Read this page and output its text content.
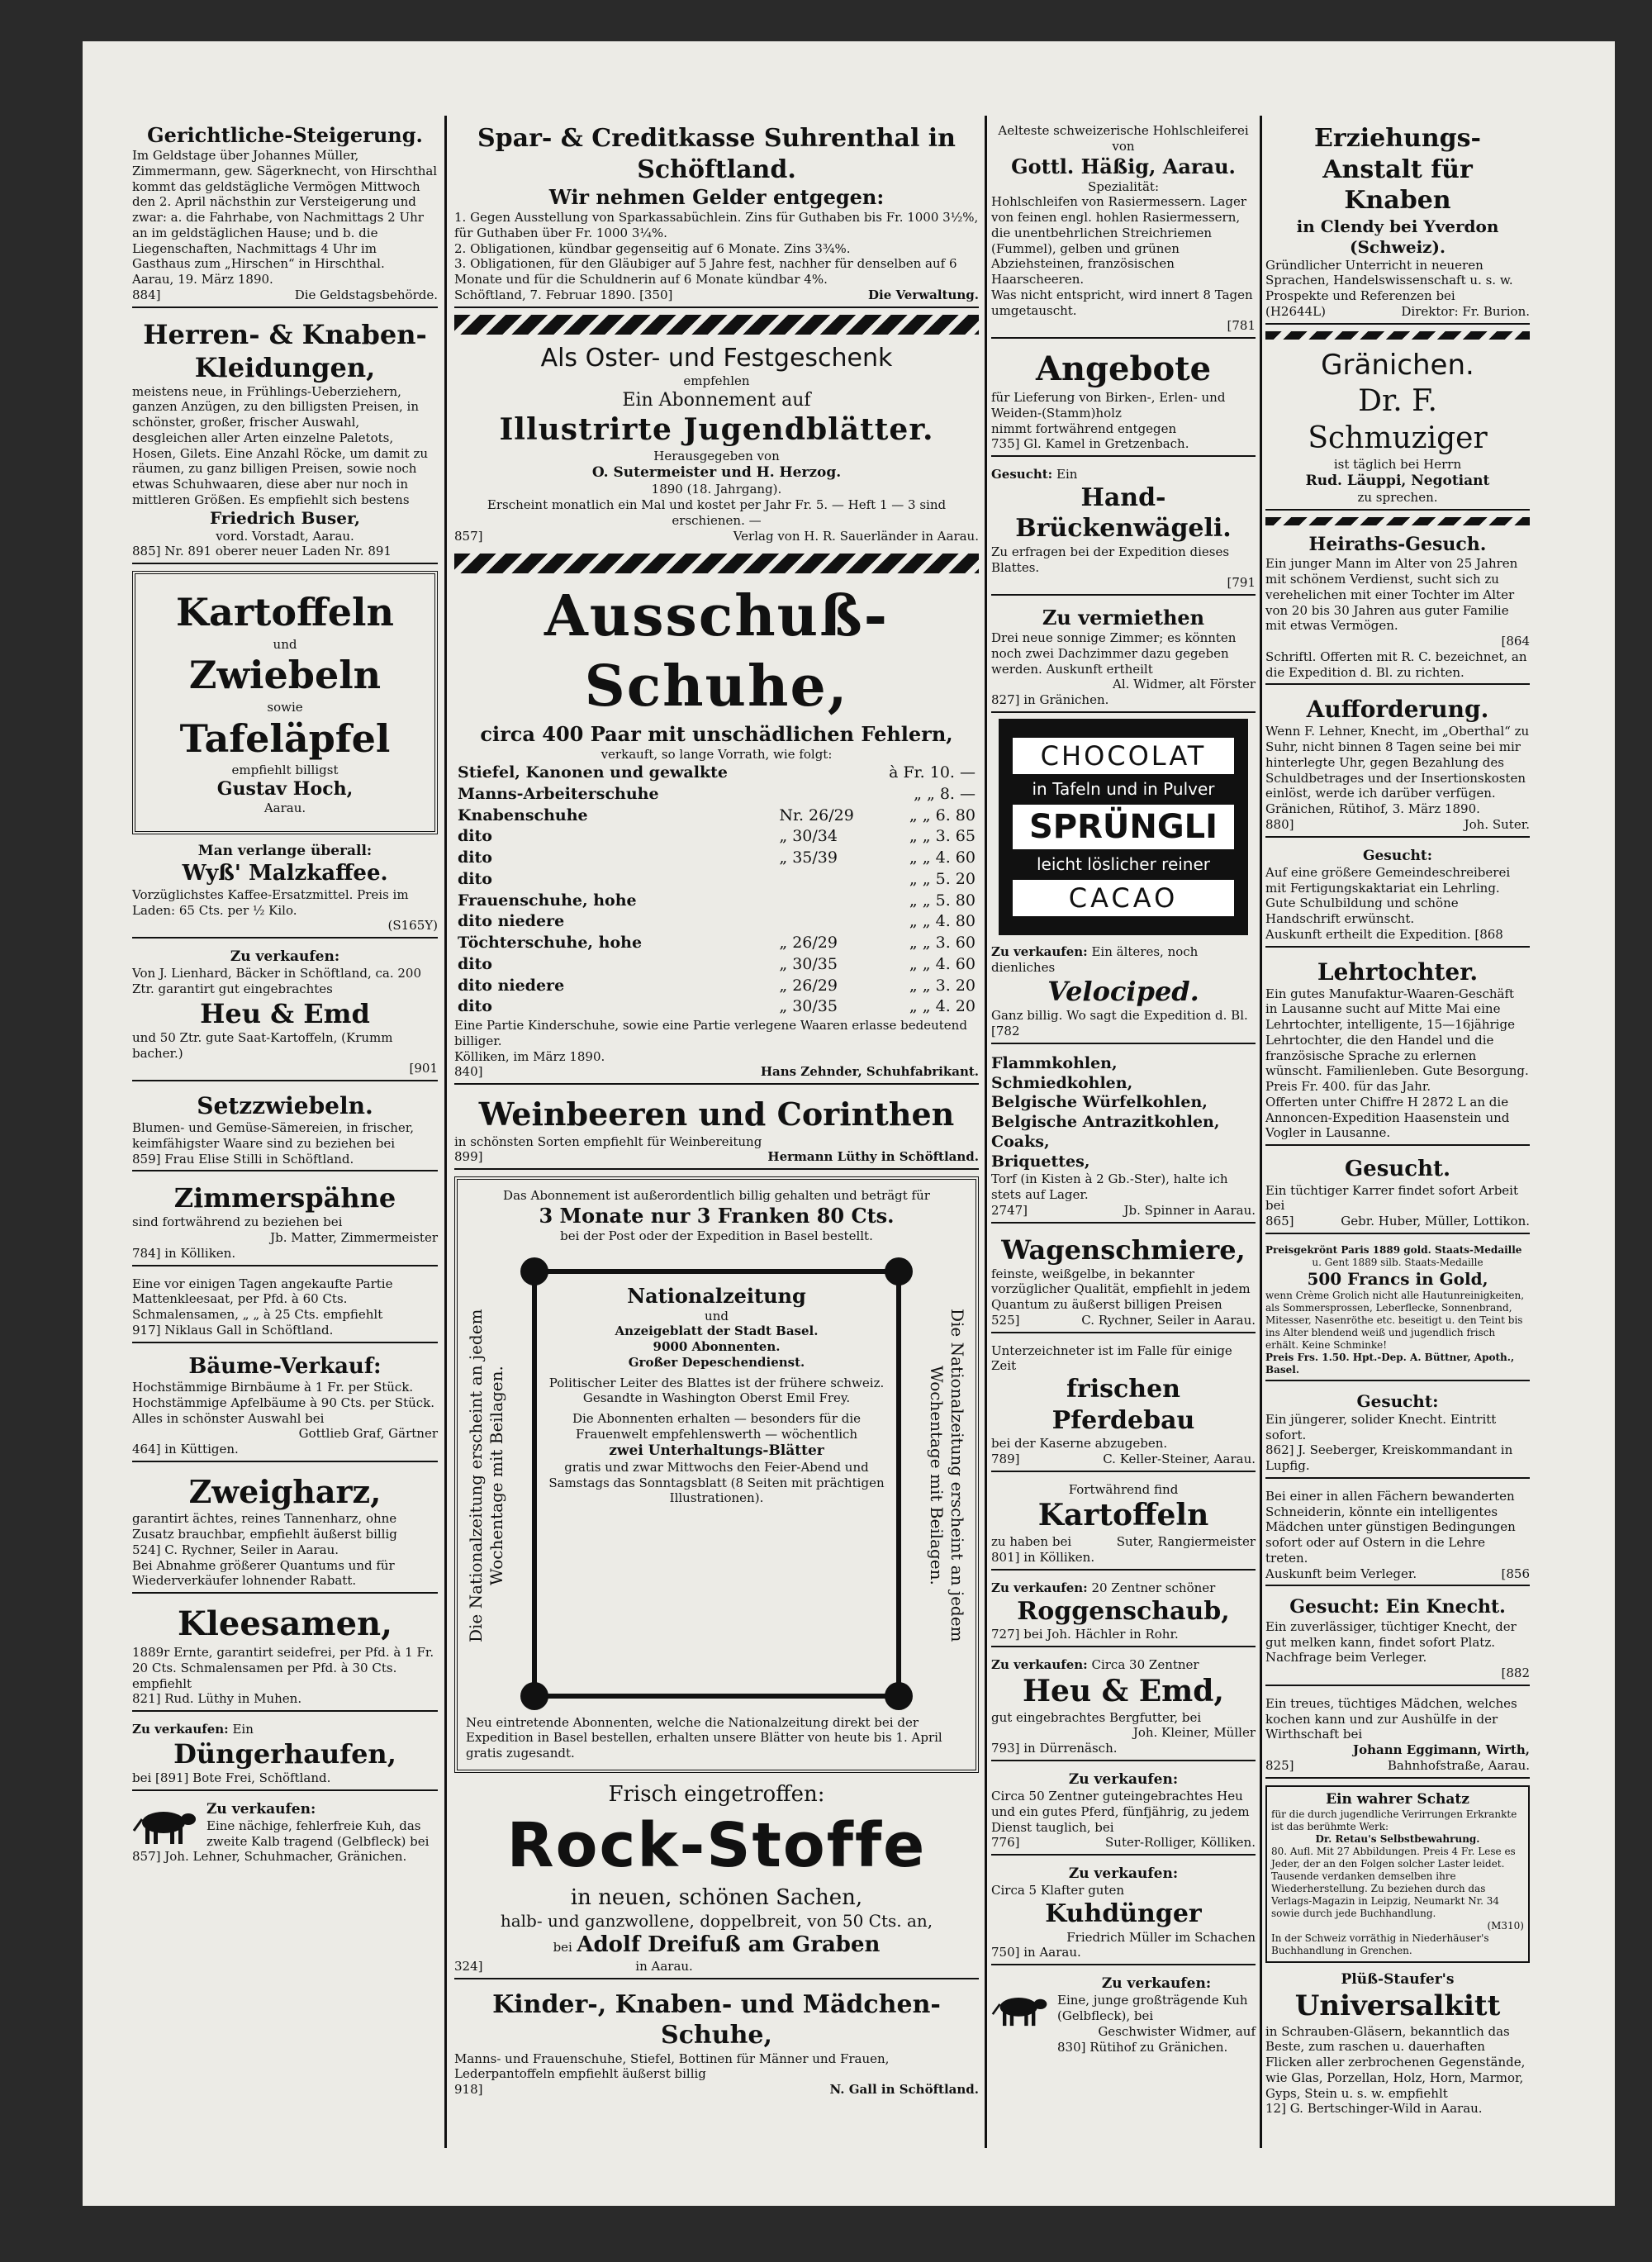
Gerichtliche-Steigerung.
Im Geldstage über Johannes Müller, Zimmermann, gew. Sägerknecht, von Hirschthal kommt das geldstägliche Vermögen Mittwoch den 2. April nächsthin zur Versteigerung und zwar: a. die Fahrhabe, von Nachmittags 2 Uhr an im geldstäglichen Hause; und b. die Liegenschaften, Nachmittags 4 Uhr im Gasthaus zum „Hirschen“ in Hirschthal.
Aarau, 19. März 1890.
884]	Die Geldstagsbehörde.
Herren- & Knaben-Kleidungen,
meistens neue, in Frühlings-Ueberziehern, ganzen Anzügen, zu den billigsten Preisen, in schönster, großer, frischer Auswahl, desgleichen aller Arten einzelne Paletots, Hosen, Gilets. Eine Anzahl Röcke, um damit zu räumen, zu ganz billigen Preisen, sowie noch etwas Schuhwaaren, diese aber nur noch in mittleren Größen. Es empfiehlt sich bestens
Friedrich Buser,
vord. Vorstadt, Aarau.
885] Nr. 891 oberer neuer Laden Nr. 891
Kartoffeln
und
Zwiebeln
sowie
Tafeläpfel
empfiehlt billigst
Gustav Hoch,
Aarau.
Man verlange überall:
Wyß' Malzkaffee.
Vorzüglichstes Kaffee-Ersatzmittel. Preis im Laden: 65 Cts. per ½ Kilo.
(S165Y)
Zu verkaufen:
Von J. Lienhard, Bäcker in Schöftland, ca. 200 Ztr. garantirt gut eingebrachtes
Heu & Emd
und 50 Ztr. gute Saat-Kartoffeln, (Krumm bacher.)
[901
Setzzwiebeln.
Blumen- und Gemüse-Sämereien, in frischer, keimfähigster Waare sind zu beziehen bei
859] Frau Elise Stilli in Schöftland.
Zimmerspähne
sind fortwährend zu beziehen bei
Jb. Matter, Zimmermeister
784] in Kölliken.
Eine vor einigen Tagen angekaufte Partie Mattenkleesaat, per Pfd. à 60 Cts. Schmalensamen, „ „ à 25 Cts. empfiehlt
917] Niklaus Gall in Schöftland.
Bäume-Verkauf:
Hochstämmige Birnbäume à 1 Fr. per Stück. Hochstämmige Apfelbäume à 90 Cts. per Stück. Alles in schönster Auswahl bei
Gottlieb Graf, Gärtner
464] in Küttigen.
Zweigharz,
garantirt ächtes, reines Tannenharz, ohne Zusatz brauchbar, empfiehlt äußerst billig
524] C. Rychner, Seiler in Aarau.
Bei Abnahme größerer Quantums und für Wiederverkäufer lohnender Rabatt.
Kleesamen,
1889r Ernte, garantirt seidefrei, per Pfd. à 1 Fr. 20 Cts. Schmalensamen per Pfd. à 30 Cts. empfiehlt
821] Rud. Lüthy in Muhen.
Zu verkaufen: Ein
Düngerhaufen,
bei [891] Bote Frei, Schöftland.
Zu verkaufen:
Eine nächige, fehlerfreie Kuh, das zweite Kalb tragend (Gelbfleck) bei
857] Joh. Lehner, Schuhmacher, Gränichen.
Spar- & Creditkasse Suhrenthal in Schöftland.
Wir nehmen Gelder entgegen:
1. Gegen Ausstellung von Sparkassabüchlein. Zins für Guthaben bis Fr. 1000 3½%, für Guthaben über Fr. 1000 3¼%.
2. Obligationen, kündbar gegenseitig auf 6 Monate. Zins 3¾%.
3. Obligationen, für den Gläubiger auf 5 Jahre fest, nachher für denselben auf 6 Monate und für die Schuldnerin auf 6 Monate kündbar 4%.
Schöftland, 7. Februar 1890. [350]	Die Verwaltung.
Als Oster- und Festgeschenk
empfehlen
Ein Abonnement auf
Illustrirte Jugendblätter.
Herausgegeben von
O. Sutermeister und H. Herzog.
1890 (18. Jahrgang).
Erscheint monatlich ein Mal und kostet per Jahr Fr. 5. — Heft 1 — 3 sind erschienen. —
857]	Verlag von H. R. Sauerländer in Aarau.
Ausschuß-Schuhe,
circa 400 Paar mit unschädlichen Fehlern,
verkauft, so lange Vorrath, wie folgt:
Stiefel, Kanonen und gewalkte		à Fr. 10. —
Manns-Arbeiterschuhe		„ „ 8. —
Knabenschuhe	Nr. 26/29	„ „ 6. 80
dito	„ 30/34	„ „ 3. 65
dito	„ 35/39	„ „ 4. 60
dito		„ „ 5. 20
Frauenschuhe, hohe		„ „ 5. 80
dito niedere		„ „ 4. 80
Töchterschuhe, hohe	„ 26/29	„ „ 3. 60
dito	„ 30/35	„ „ 4. 60
dito niedere	„ 26/29	„ „ 3. 20
dito	„ 30/35	„ „ 4. 20
Eine Partie Kinderschuhe, sowie eine Partie verlegene Waaren erlasse bedeutend billiger.
Kölliken, im März 1890.
840]	Hans Zehnder, Schuhfabrikant.
Weinbeeren und Corinthen
in schönsten Sorten empfiehlt für Weinbereitung
899]	Hermann Lüthy in Schöftland.
Das Abonnement ist außerordentlich billig gehalten und beträgt für
3 Monate nur 3 Franken 80 Cts.
bei der Post oder der Expedition in Basel bestellt.
Die Nationalzeitung erscheint an jedem Wochentage mit Beilagen.	Die Nationalzeitung erscheint an jedem Wochentage mit Beilagen.
Nationalzeitung
und
Anzeigeblatt der Stadt Basel.
9000 Abonnenten.
Großer Depeschendienst.
Politischer Leiter des Blattes ist der frühere schweiz. Gesandte in Washington Oberst Emil Frey.
Die Abonnenten erhalten — besonders für die Frauenwelt empfehlenswerth — wöchentlich
zwei Unterhaltungs-Blätter
gratis und zwar Mittwochs den Feier-Abend und Samstags das Sonntagsblatt (8 Seiten mit prächtigen Illustrationen).
Neu eintretende Abonnenten, welche die Nationalzeitung direkt bei der Expedition in Basel bestellen, erhalten unsere Blätter von heute bis 1. April gratis zugesandt.
Frisch eingetroffen:
Rock-Stoffe
in neuen, schönen Sachen,
halb- und ganzwollene, doppelbreit, von 50 Cts. an,
bei Adolf Dreifuß am Graben
324]	in Aarau.
Kinder-, Knaben- und Mädchen-Schuhe,
Manns- und Frauenschuhe, Stiefel, Bottinen für Männer und Frauen, Lederpantoffeln empfiehlt äußerst billig
918]	N. Gall in Schöftland.
Aelteste schweizerische Hohlschleiferei
von
Gottl. Häßig, Aarau.
Spezialität:
Hohlschleifen von Rasiermessern. Lager von feinen engl. hohlen Rasiermessern, die unentbehrlichen Streichriemen (Fummel), gelben und grünen Abziehsteinen, französischen Haarscheeren.
Was nicht entspricht, wird innert 8 Tagen umgetauscht.
[781
Angebote
für Lieferung von Birken-, Erlen- und Weiden-(Stamm)holz
nimmt fortwährend entgegen
735] Gl. Kamel in Gretzenbach.
Gesucht: Ein
Hand-Brückenwägeli.
Zu erfragen bei der Expedition dieses Blattes.
[791
Zu vermiethen
Drei neue sonnige Zimmer; es könnten noch zwei Dachzimmer dazu gegeben werden. Auskunft ertheilt
Al. Widmer, alt Förster
827] in Gränichen.
CHOCOLAT
in Tafeln und in Pulver
SPRÜNGLI
leicht löslicher reiner
CACAO
Zu verkaufen: Ein älteres, noch dienliches
Velociped.
Ganz billig. Wo sagt die Expedition d. Bl. [782
Flammkohlen,
Schmiedkohlen,
Belgische Würfelkohlen,
Belgische Antrazitkohlen,
Coaks,
Briquettes,
Torf (in Kisten à 2 Gb.-Ster), halte ich stets auf Lager.
2747]	Jb. Spinner in Aarau.
Wagenschmiere,
feinste, weißgelbe, in bekannter vorzüglicher Qualität, empfiehlt in jedem Quantum zu äußerst billigen Preisen
525]	C. Rychner, Seiler in Aarau.
Unterzeichneter ist im Falle für einige Zeit
frischen Pferdebau
bei der Kaserne abzugeben.
789]	C. Keller-Steiner, Aarau.
Fortwährend find
Kartoffeln
zu haben bei	Suter, Rangiermeister
801] in Kölliken.
Zu verkaufen: 20 Zentner schöner
Roggenschaub,
727] bei Joh. Hächler in Rohr.
Zu verkaufen: Circa 30 Zentner
Heu & Emd,
gut eingebrachtes Bergfutter, bei
Joh. Kleiner, Müller
793] in Dürrenäsch.
Zu verkaufen:
Circa 50 Zentner guteingebrachtes Heu und ein gutes Pferd, fünfjährig, zu jedem Dienst tauglich, bei
776]	Suter-Rolliger, Kölliken.
Zu verkaufen:
Circa 5 Klafter guten
Kuhdünger
Friedrich Müller im Schachen
750] in Aarau.
Zu verkaufen:
Eine, junge großträgende Kuh (Gelbfleck), bei
Geschwister Widmer, auf
830] Rütihof zu Gränichen.
Erziehungs-Anstalt für Knaben
in Clendy bei Yverdon (Schweiz).
Gründlicher Unterricht in neueren Sprachen, Handelswissenschaft u. s. w. Prospekte und Referenzen bei
(H2644L)	Direktor: Fr. Burion.
Gränichen.
Dr. F. Schmuziger
ist täglich bei Herrn
Rud. Läuppi, Negotiant
zu sprechen.
Heiraths-Gesuch.
Ein junger Mann im Alter von 25 Jahren mit schönem Verdienst, sucht sich zu verehelichen mit einer Tochter im Alter von 20 bis 30 Jahren aus guter Familie mit etwas Vermögen.
[864
Schriftl. Offerten mit R. C. bezeichnet, an die Expedition d. Bl. zu richten.
Aufforderung.
Wenn F. Lehner, Knecht, im „Oberthal“ zu Suhr, nicht binnen 8 Tagen seine bei mir hinterlegte Uhr, gegen Bezahlung des Schuldbetrages und der Insertionskosten einlöst, werde ich darüber verfügen.
Gränichen, Rütihof, 3. März 1890.
880]	Joh. Suter.
Gesucht:
Auf eine größere Gemeindeschreiberei mit Fertigungskaktariat ein Lehrling. Gute Schulbildung und schöne Handschrift erwünscht.
Auskunft ertheilt die Expedition. [868
Lehrtochter.
Ein gutes Manufaktur-Waaren-Geschäft in Lausanne sucht auf Mitte Mai eine Lehrtochter, intelligente, 15—16jährige Lehrtochter, die den Handel und die französische Sprache zu erlernen wünscht. Familienleben. Gute Besorgung. Preis Fr. 400. für das Jahr.
Offerten unter Chiffre H 2872 L an die Annoncen-Expedition Haasenstein und Vogler in Lausanne.
Gesucht.
Ein tüchtiger Karrer findet sofort Arbeit bei
865]	Gebr. Huber, Müller, Lottikon.
Preisgekrönt Paris 1889 gold. Staats-Medaille
u. Gent 1889 silb. Staats-Medaille
500 Francs in Gold,
wenn Crème Grolich nicht alle Hautunreinigkeiten, als Sommersprossen, Leberflecke, Sonnenbrand, Mitesser, Nasenröthe etc. beseitigt u. den Teint bis ins Alter blendend weiß und jugendlich frisch erhält. Keine Schminke!
Preis Frs. 1.50. Hpt.-Dep. A. Büttner, Apoth., Basel.
Gesucht:
Ein jüngerer, solider Knecht. Eintritt sofort.
862] J. Seeberger, Kreiskommandant in Lupfig.
Bei einer in allen Fächern bewanderten Schneiderin, könnte ein intelligentes Mädchen unter günstigen Bedingungen sofort oder auf Ostern in die Lehre treten.
Auskunft beim Verleger.	[856
Gesucht: Ein Knecht.
Ein zuverlässiger, tüchtiger Knecht, der gut melken kann, findet sofort Platz. Nachfrage beim Verleger.
[882
Ein treues, tüchtiges Mädchen, welches kochen kann und zur Aushülfe in der Wirthschaft bei
Johann Eggimann, Wirth,
825]	Bahnhofstraße, Aarau.
Ein wahrer Schatz
für die durch jugendliche Verirrungen Erkrankte ist das berühmte Werk:
Dr. Retau's Selbstbewahrung.
80. Aufl. Mit 27 Abbildungen. Preis 4 Fr. Lese es Jeder, der an den Folgen solcher Laster leidet. Tausende verdanken demselben ihre Wiederherstellung. Zu beziehen durch das Verlags-Magazin in Leipzig, Neumarkt Nr. 34 sowie durch jede Buchhandlung.
(M310)
In der Schweiz vorräthig in Niederhäuser's Buchhandlung in Grenchen.
Plüß-Staufer's
Universalkitt
in Schrauben-Gläsern, bekanntlich das Beste, zum raschen u. dauerhaften Flicken aller zerbrochenen Gegenstände, wie Glas, Porzellan, Holz, Horn, Marmor, Gyps, Stein u. s. w. empfiehlt
12] G. Bertschinger-Wild in Aarau.
